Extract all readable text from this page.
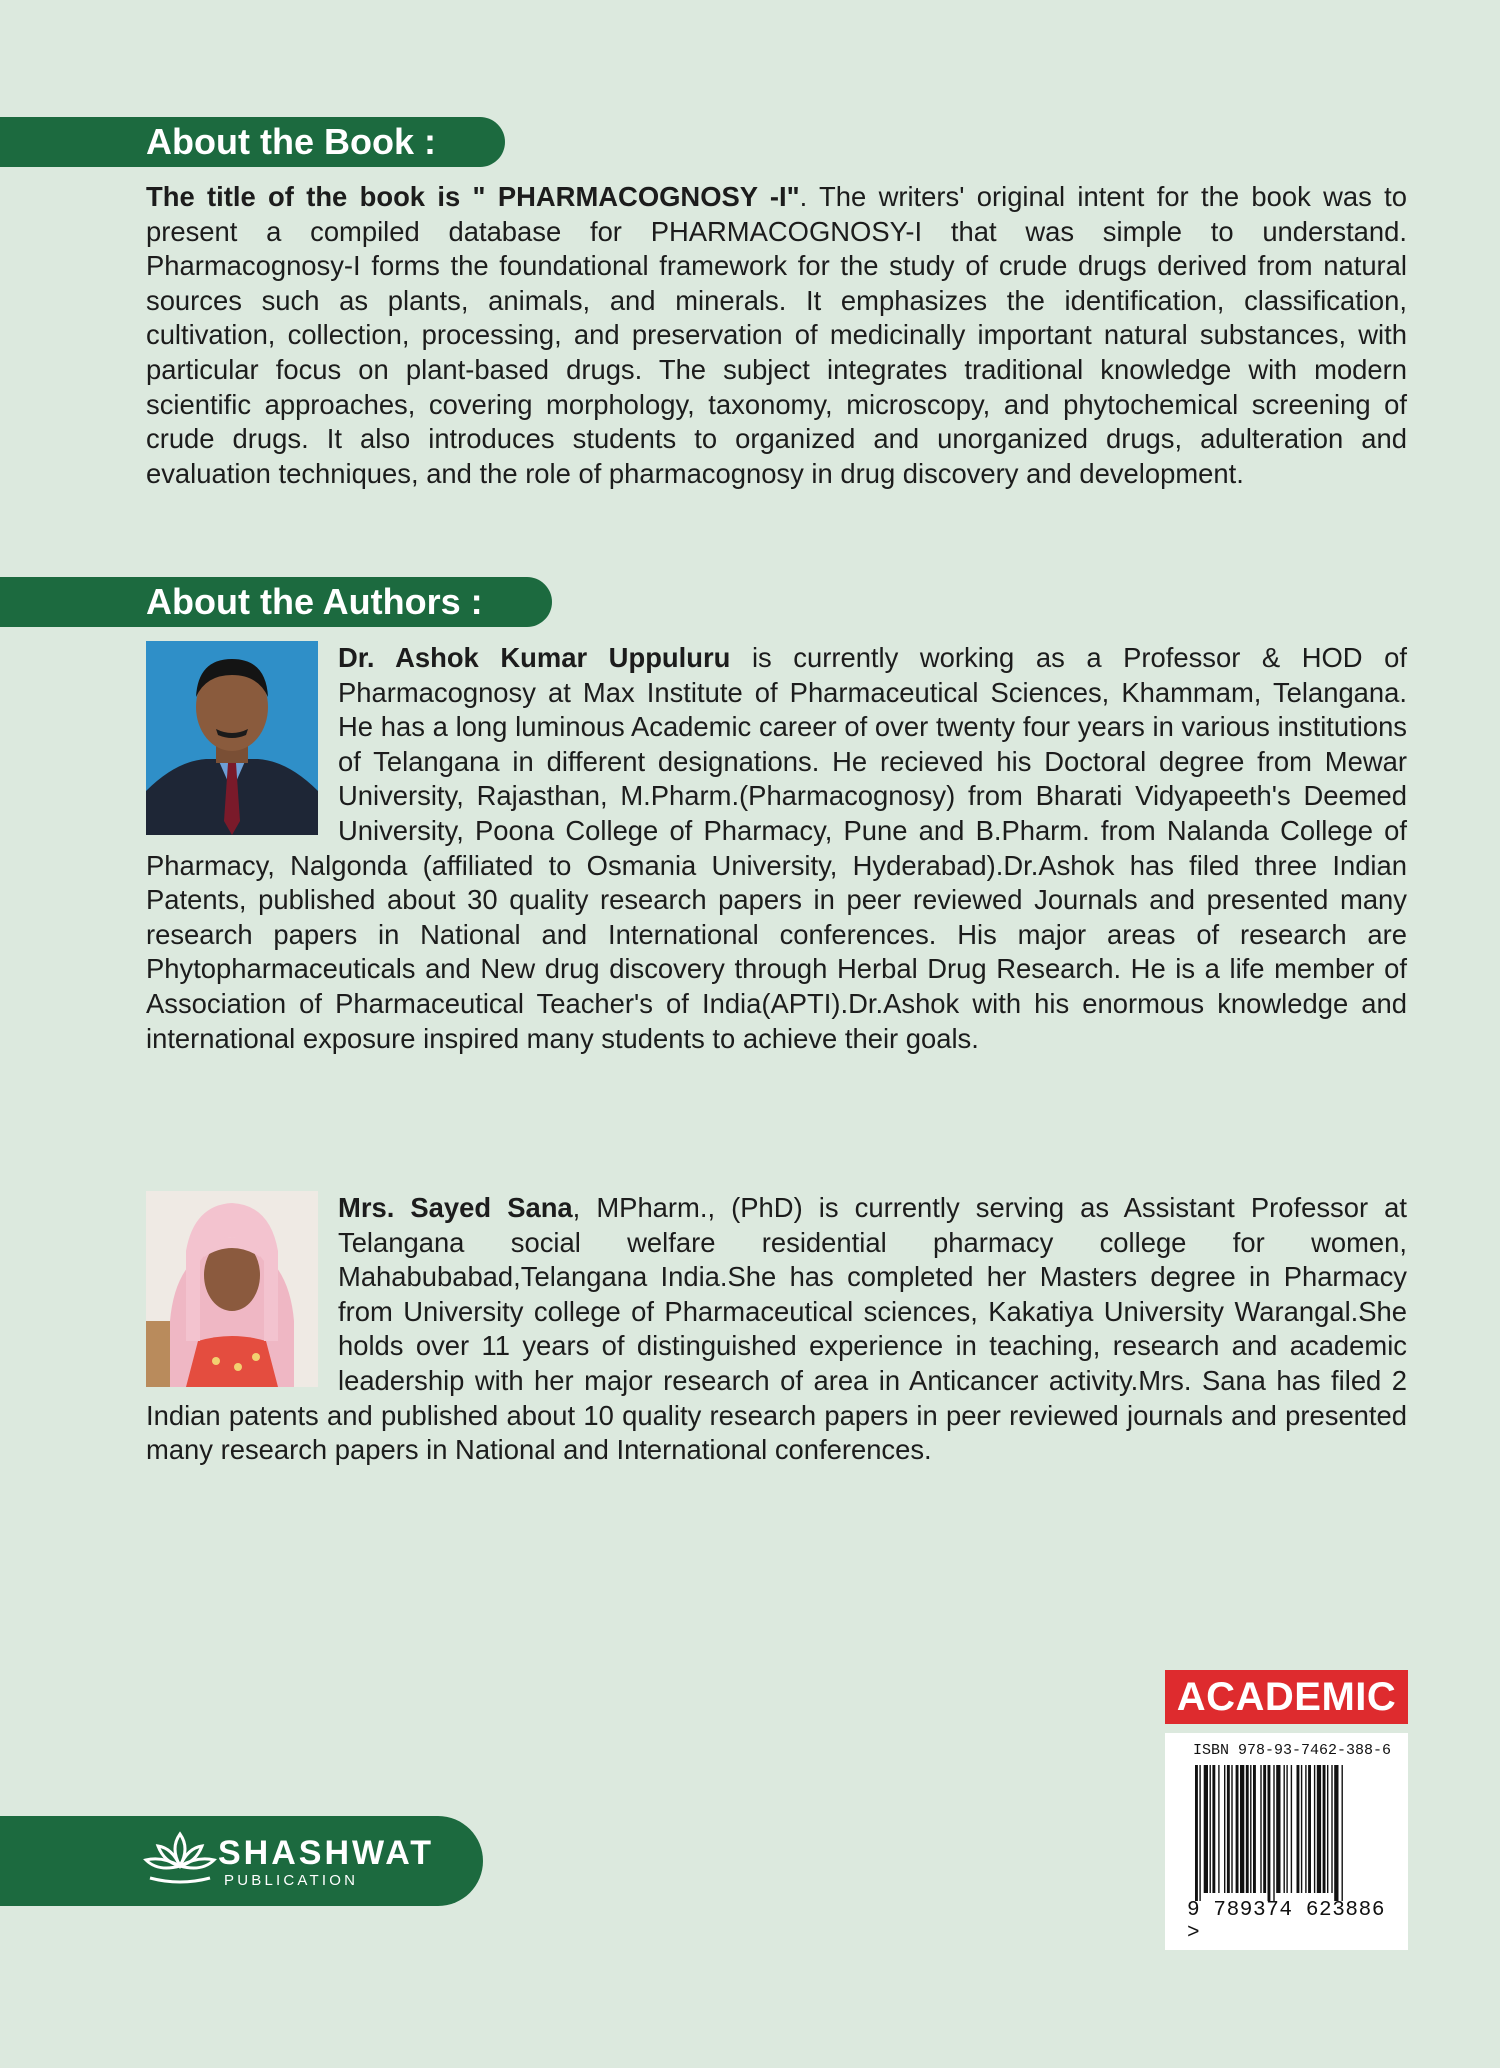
About the Book :
The title of the book is " PHARMACOGNOSY -I". The writers' original intent for the book was to present a compiled database for PHARMACOGNOSY-I that was simple to understand. Pharmacognosy-I forms the foundational framework for the study of crude drugs derived from natural sources such as plants, animals, and minerals. It emphasizes the identification, classification, cultivation, collection, processing, and preservation of medicinally important natural substances, with particular focus on plant-based drugs. The subject integrates traditional knowledge with modern scientific approaches, covering morphology, taxonomy, microscopy, and phytochemical screening of crude drugs. It also introduces students to organized and unorganized drugs, adulteration and evaluation techniques, and the role of pharmacognosy in drug discovery and development.
About the Authors :
Dr. Ashok Kumar Uppuluru is currently working as a Professor & HOD of Pharmacognosy at Max Institute of Pharmaceutical Sciences, Khammam, Telangana. He has a long luminous Academic career of over twenty four years in various institutions of Telangana in different designations. He recieved his Doctoral degree from Mewar University, Rajasthan, M.Pharm.(Pharmacognosy) from Bharati Vidyapeeth's Deemed University, Poona College of Pharmacy, Pune and B.Pharm. from Nalanda College of Pharmacy, Nalgonda (affiliated to Osmania University, Hyderabad).Dr.Ashok has filed three Indian Patents, published about 30 quality research papers in peer reviewed Journals and presented many research papers in National and International conferences. His major areas of research are Phytopharmaceuticals and New drug discovery through Herbal Drug Research. He is a life member of Association of Pharmaceutical Teacher's of India(APTI).Dr.Ashok with his enormous knowledge and international exposure inspired many students to achieve their goals.
Mrs. Sayed Sana, MPharm., (PhD) is currently serving as Assistant Professor at Telangana social welfare residential pharmacy college for women, Mahabubabad,Telangana India.She has completed her Masters degree in Pharmacy from University college of Pharmaceutical sciences, Kakatiya University Warangal.She holds over 11 years of distinguished experience in teaching, research and academic leadership with her major research of area in Anticancer activity.Mrs. Sana has filed 2 Indian patents and published about 10 quality research papers in peer reviewed journals and presented many research papers in National and International conferences.
ACADEMIC
ISBN 978-93-7462-388-6
9 789374 623886 >
SHASHWAT
PUBLICATION
